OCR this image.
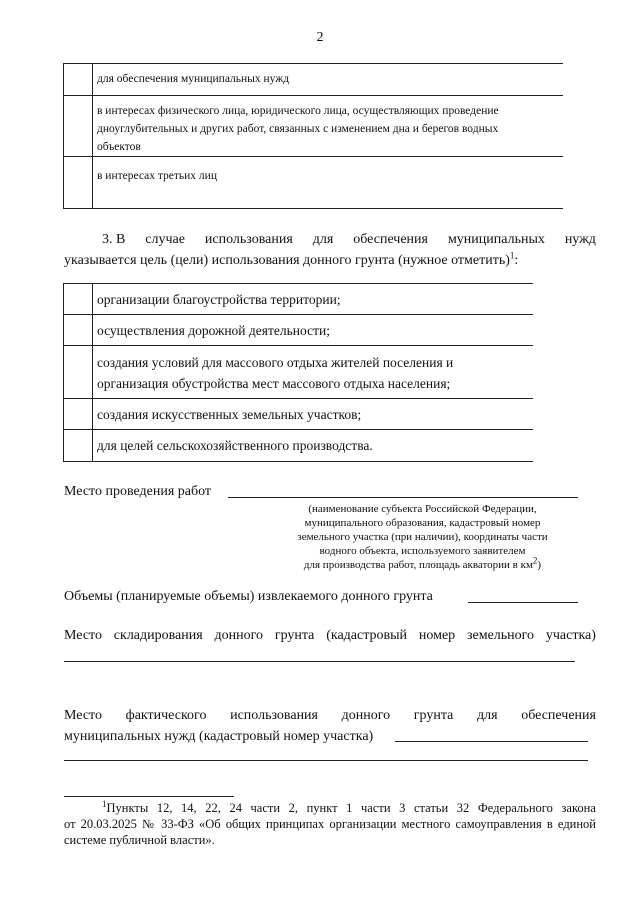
2
для обеспечения муниципальных нужд
в интересах физического лица, юридического лица, осуществляющих проведение дноуглубительных и других работ, связанных с изменением дна и берегов водных объектов
в интересах третьих лиц
3. В случае использования для обеспечения муниципальных нужд
указывается цель (цели) использования донного грунта (нужное отметить)$^1$:
организации благоустройства территории;
осуществления дорожной деятельности;
создания условий для массового отдыха жителей поселения и
организация обустройства мест массового отдыха населения;
создания искусственных земельных участков;
для целей сельскохозяйственного производства.
Место проведения работ
(наименование субъекта Российской Федерации,
муниципального образования, кадастровый номер
земельного участка (при наличии), координаты части
водного объекта, используемого заявителем
для производства работ, площадь акватории в $км^2$)
Объемы (планируемые объемы) извлекаемого донного грунта
Место складирования донного грунта (кадастровый номер земельного участка)
Место фактического использования донного грунта для обеспечения
муниципальных нужд (кадастровый номер участка)
$^1$Пункты 12, 14, 22, 24 части 2, пункт 1 части 3 статьи 32 Федерального закона
от 20.03.2025 № 33-ФЗ «Об общих принципах организации местного самоуправления в единой
системе публичной власти».
